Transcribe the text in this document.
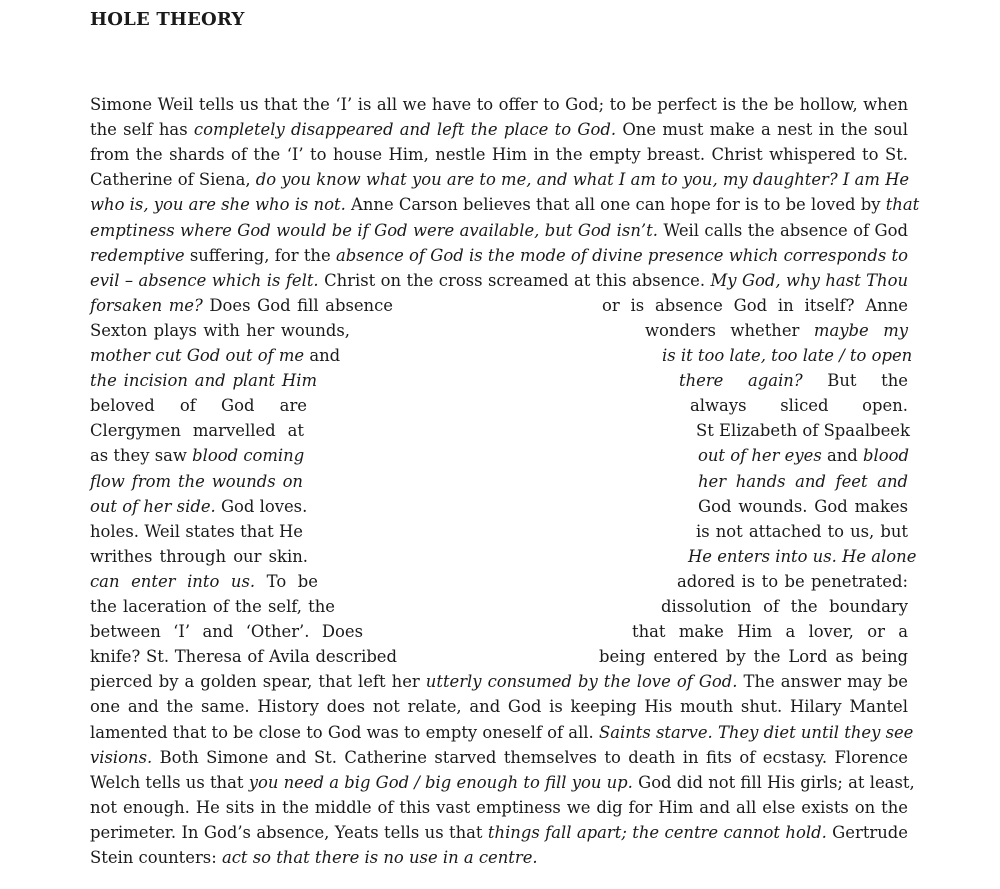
HOLE THEORY
Simone Weil tells us that the ‘I’ is all we have to offer to God; to be perfect is the be hollow, when
the self has completely disappeared and left the place to God. One must make a nest in the soul
from the shards of the ‘I’ to house Him, nestle Him in the empty breast. Christ whispered to St.
Catherine of Siena, do you know what you are to me, and what I am to you, my daughter? I am He
who is, you are she who is not. Anne Carson believes that all one can hope for is to be loved by that
emptiness where God would be if God were available, but God isn’t. Weil calls the absence of God
redemptive suffering, for the absence of God is the mode of divine presence which corresponds to
evil – absence which is felt. Christ on the cross screamed at this absence. My God, why hast Thou
forsaken me? Does God fill absence	or is absence God in itself? Anne
Sexton plays with her wounds,	wonders whether maybe my
mother cut God out of me and	is it too late, too late / to open
the incision and plant Him	there again? But the
beloved of God are	always sliced open.
Clergymen marvelled at	St Elizabeth of Spaalbeek
as they saw blood coming	out of her eyes and blood
flow from the wounds on	her hands and feet and
out of her side. God loves.	God wounds. God makes
holes. Weil states that He	is not attached to us, but
writhes through our skin.	He enters into us. He alone
can enter into us. To be	adored is to be penetrated:
the laceration of the self, the	dissolution of the boundary
between ‘I’ and ‘Other’. Does	that make Him a lover, or a
knife? St. Theresa of Avila described	being entered by the Lord as being
pierced by a golden spear, that left her utterly consumed by the love of God. The answer may be
one and the same. History does not relate, and God is keeping His mouth shut. Hilary Mantel
lamented that to be close to God was to empty oneself of all. Saints starve. They diet until they see
visions. Both Simone and St. Catherine starved themselves to death in fits of ecstasy. Florence
Welch tells us that you need a big God / big enough to fill you up. God did not fill His girls; at least,
not enough. He sits in the middle of this vast emptiness we dig for Him and all else exists on the
perimeter. In God’s absence, Yeats tells us that things fall apart; the centre cannot hold. Gertrude
Stein counters: act so that there is no use in a centre.
